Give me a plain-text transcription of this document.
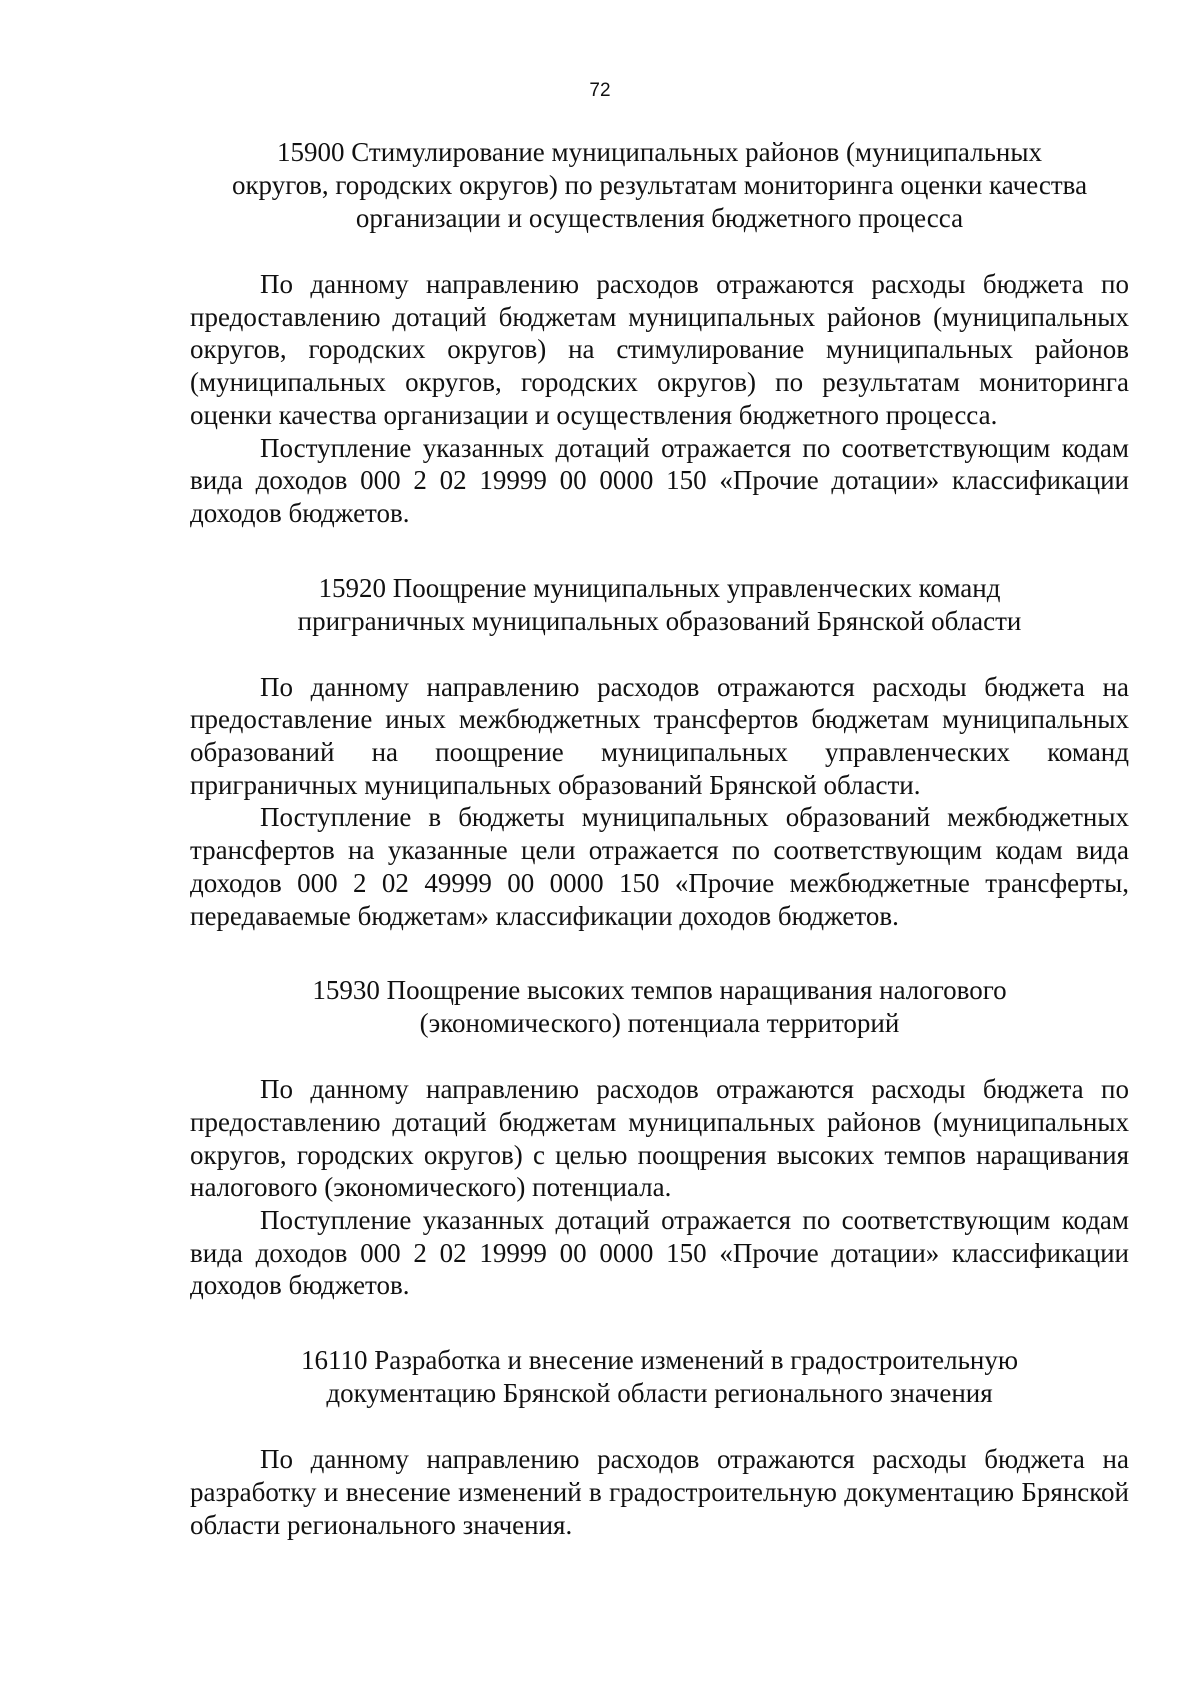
72
15900 Стимулирование муниципальных районов (муниципальных
округов, городских округов) по результатам мониторинга оценки качества
организации и осуществления бюджетного процесса

По данному направлению расходов отражаются расходы бюджета по предоставлению дотаций бюджетам муниципальных районов (муниципальных округов, городских округов) на стимулирование муниципальных районов (муниципальных округов, городских округов) по результатам мониторинга оценки качества организации и осуществления бюджетного процесса.

Поступление указанных дотаций отражается по соответствующим кодам вида доходов 000 2 02 19999 00 0000 150 «Прочие дотации» классификации доходов бюджетов.

15920 Поощрение муниципальных управленческих команд
приграничных муниципальных образований Брянской области

По данному направлению расходов отражаются расходы бюджета на предоставление иных межбюджетных трансфертов бюджетам муниципальных образований на поощрение муниципальных управленческих команд приграничных муниципальных образований Брянской области.

Поступление в бюджеты муниципальных образований межбюджетных трансфертов на указанные цели отражается по соответствующим кодам вида доходов 000 2 02 49999 00 0000 150 «Прочие межбюджетные трансферты, передаваемые бюджетам» классификации доходов бюджетов.

15930 Поощрение высоких темпов наращивания налогового
(экономического) потенциала территорий

По данному направлению расходов отражаются расходы бюджета по предоставлению дотаций бюджетам муниципальных районов (муниципальных округов, городских округов) с целью поощрения высоких темпов наращивания налогового (экономического) потенциала.

Поступление указанных дотаций отражается по соответствующим кодам вида доходов 000 2 02 19999 00 0000 150 «Прочие дотации» классификации доходов бюджетов.

16110 Разработка и внесение изменений в градостроительную
документацию Брянской области регионального значения

По данному направлению расходов отражаются расходы бюджета на разработку и внесение изменений в градостроительную документацию Брянской области регионального значения.
